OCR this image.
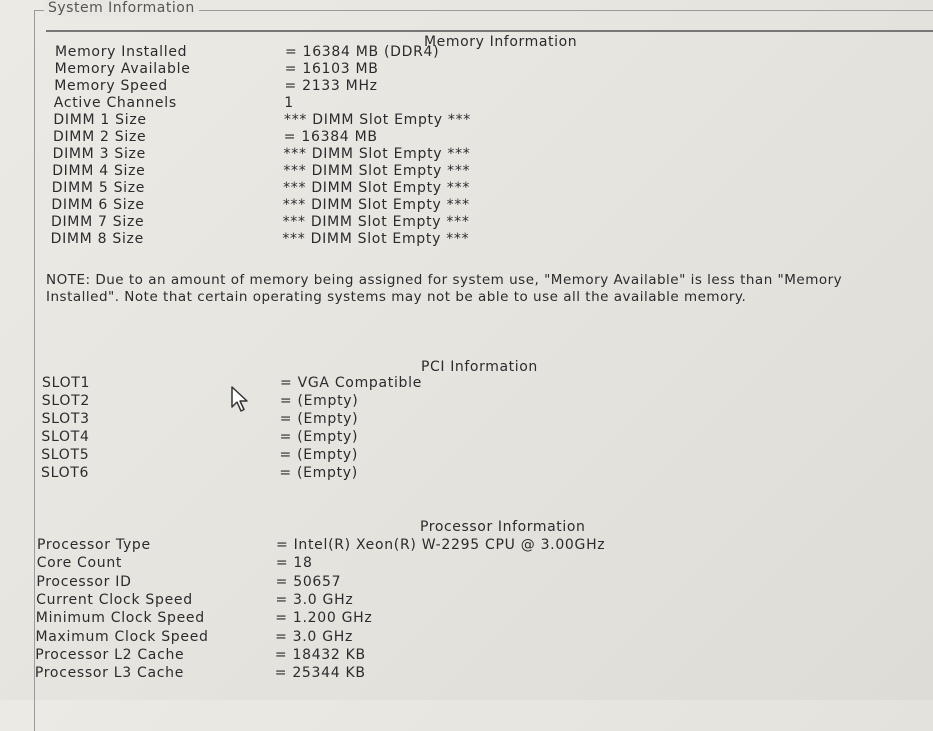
System Information
Memory Information
Memory Installed	= 16384 MB (DDR4)
Memory Available	= 16103 MB
Memory Speed	= 2133 MHz
Active Channels	1
DIMM 1 Size	*** DIMM Slot Empty ***
DIMM 2 Size	= 16384 MB
DIMM 3 Size	*** DIMM Slot Empty ***
DIMM 4 Size	*** DIMM Slot Empty ***
DIMM 5 Size	*** DIMM Slot Empty ***
DIMM 6 Size	*** DIMM Slot Empty ***
DIMM 7 Size	*** DIMM Slot Empty ***
DIMM 8 Size	*** DIMM Slot Empty ***
NOTE: Due to an amount of memory being assigned for system use, "Memory Available" is less than "Memory Installed". Note that certain operating systems may not be able to use all the available memory.
PCI Information
SLOT1	= VGA Compatible
SLOT2	= (Empty)
SLOT3	= (Empty)
SLOT4	= (Empty)
SLOT5	= (Empty)
SLOT6	= (Empty)
Processor Information
Processor Type	= Intel(R) Xeon(R) W-2295 CPU @ 3.00GHz
Core Count	= 18
Processor ID	= 50657
Current Clock Speed	= 3.0 GHz
Minimum Clock Speed	= 1.200 GHz
Maximum Clock Speed	= 3.0 GHz
Processor L2 Cache	= 18432 KB
Processor L3 Cache	= 25344 KB
